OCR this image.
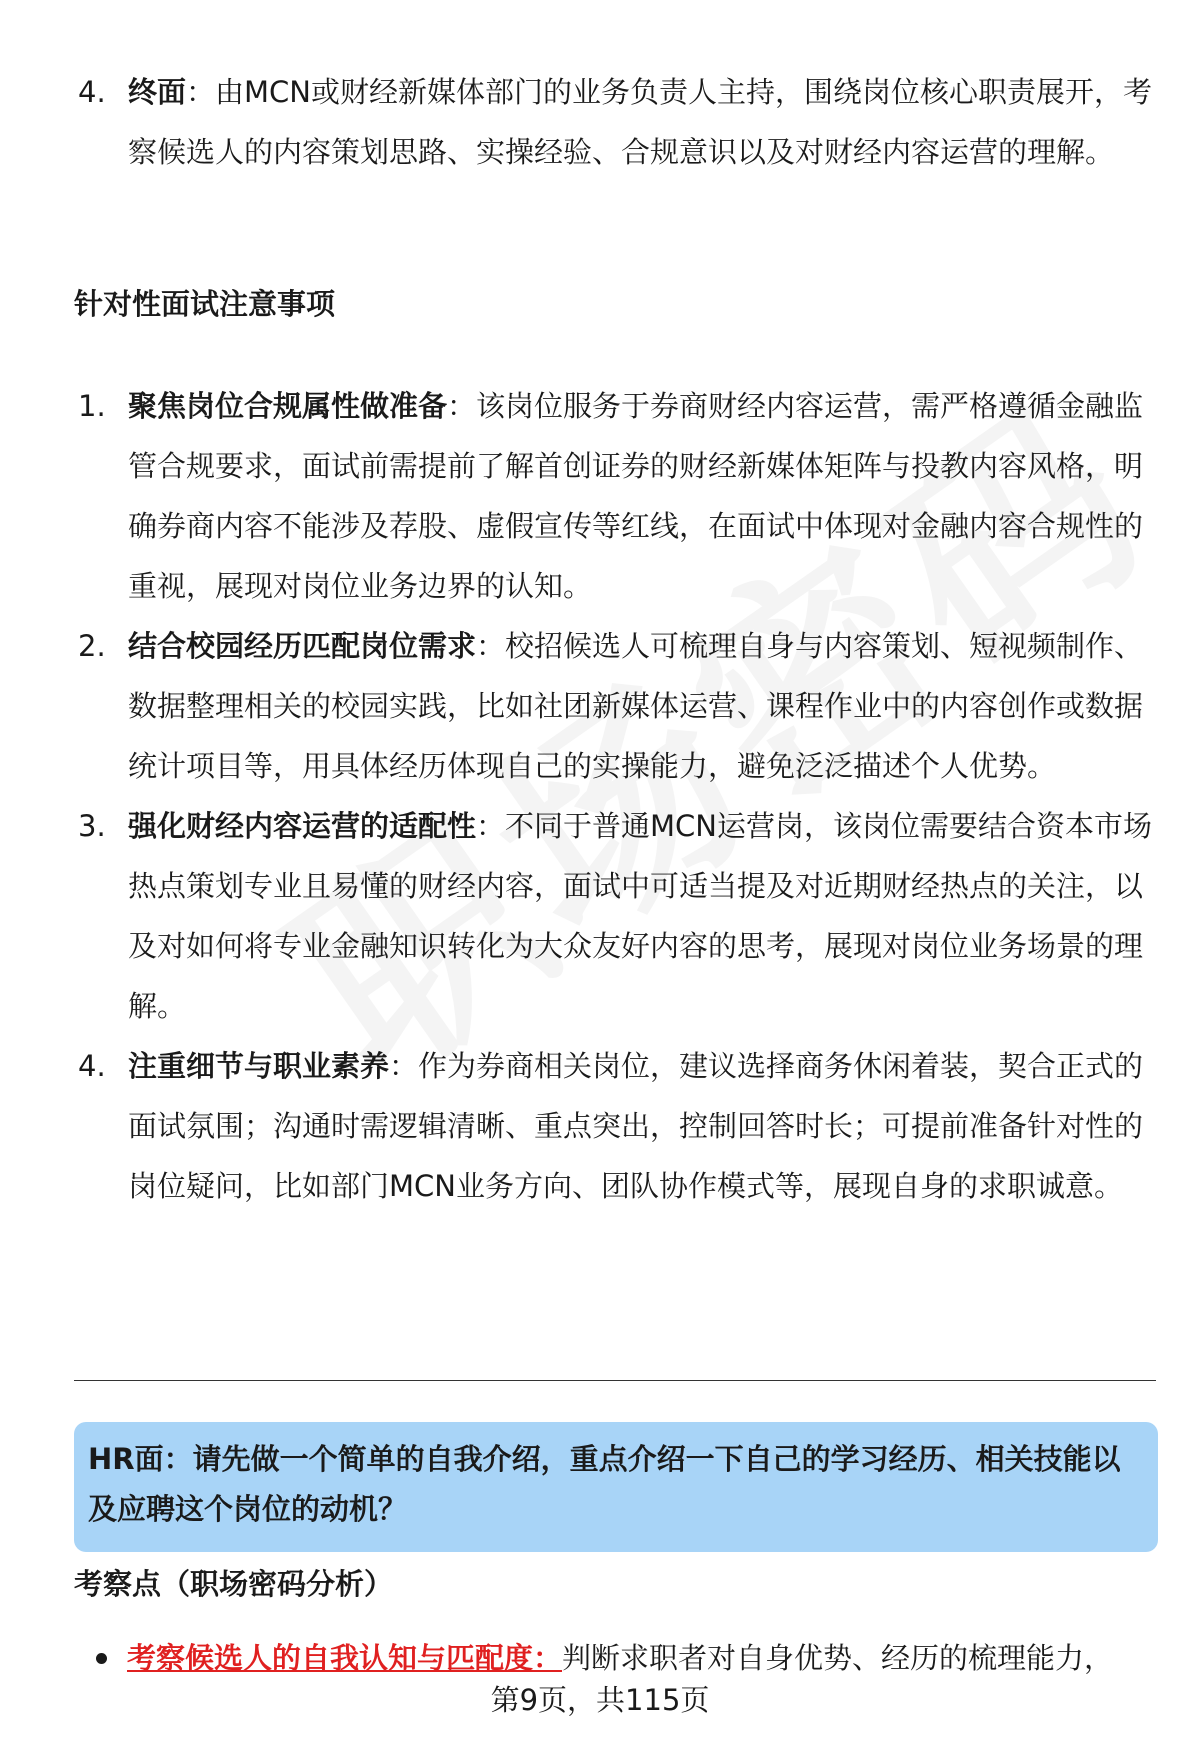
4. 终面：由MCN或财经新媒体部门的业务负责人主持，围绕岗位核心职责展开，考察候选人的内容策划思路、实操经验、合规意识以及对财经内容运营的理解。
针对性面试注意事项
1. 聚焦岗位合规属性做准备：该岗位服务于券商财经内容运营，需严格遵循金融监管合规要求，面试前需提前了解首创证券的财经新媒体矩阵与投教内容风格，明确券商内容不能涉及荐股、虚假宣传等红线，在面试中体现对金融内容合规性的重视，展现对岗位业务边界的认知。
2. 结合校园经历匹配岗位需求：校招候选人可梳理自身与内容策划、短视频制作、数据整理相关的校园实践，比如社团新媒体运营、课程作业中的内容创作或数据统计项目等，用具体经历体现自己的实操能力，避免泛泛描述个人优势。
3. 强化财经内容运营的适配性：不同于普通MCN运营岗，该岗位需要结合资本市场热点策划专业且易懂的财经内容，面试中可适当提及对近期财经热点的关注，以及对如何将专业金融知识转化为大众友好内容的思考，展现对岗位业务场景的理解。
4. 注重细节与职业素养：作为券商相关岗位，建议选择商务休闲着装，契合正式的面试氛围；沟通时需逻辑清晰、重点突出，控制回答时长；可提前准备针对性的岗位疑问，比如部门MCN业务方向、团队协作模式等，展现自身的求职诚意。
HR面：请先做一个简单的自我介绍，重点介绍一下自己的学习经历、相关技能以及应聘这个岗位的动机？
考察点（职场密码分析）
考察候选人的自我认知与匹配度：判断求职者对自身优势、经历的梳理能力，
第9页，共115页
